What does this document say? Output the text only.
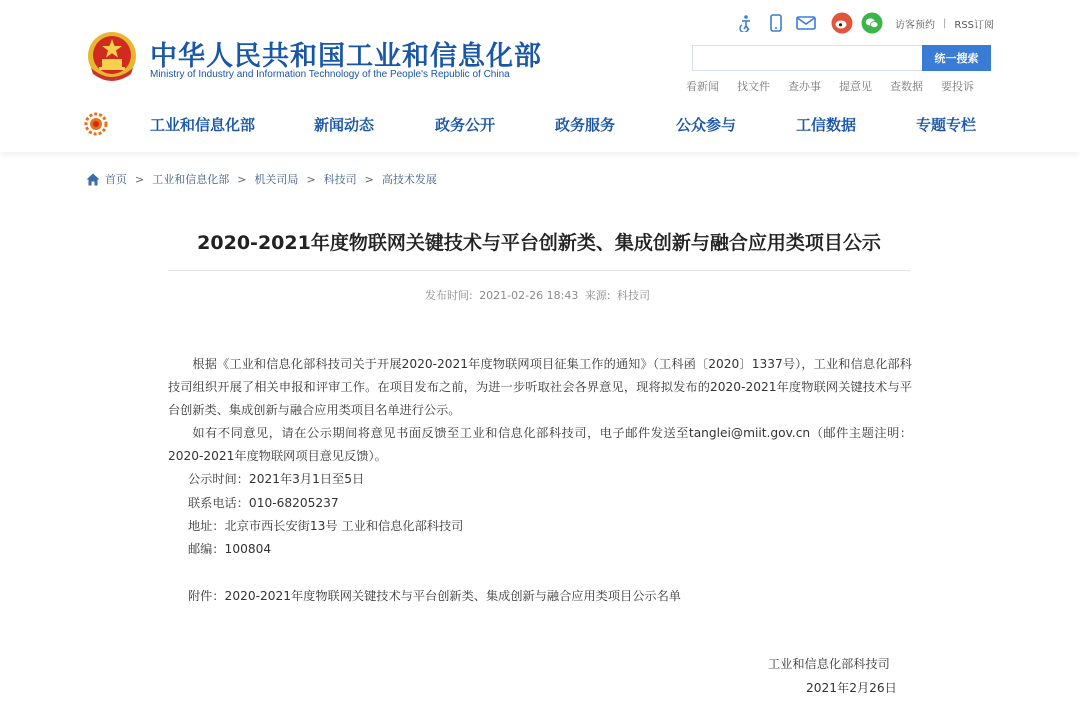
中华人民共和国工业和信息化部
Ministry of Industry and Information Technology of the People's Republic of China
访客预约 | RSS订阅
统一搜索
看新闻 找文件 查办事 提意见 查数据 要投诉
工业和信息化部	新闻动态	政务公开	政务服务	公众参与	工信数据	专题专栏
首页 > 工业和信息化部 > 机关司局 > 科技司 > 高技术发展
2020-2021年度物联网关键技术与平台创新类、集成创新与融合应用类项目公示
发布时间: 2021-02-26 18:43 来源: 科技司

根据《工业和信息化部科技司关于开展2020-2021年度物联网项目征集工作的通知》（工科函〔2020〕1337号），工业和信息化部科技司组织开展了相关申报和评审工作。在项目发布之前，为进一步听取社会各界意见，现将拟发布的2020-2021年度物联网关键技术与平台创新类、集成创新与融合应用类项目名单进行公示。

如有不同意见，请在公示期间将意见书面反馈至工业和信息化部科技司，电子邮件发送至tanglei@miit.gov.cn（邮件主题注明：2020-2021年度物联网项目意见反馈）。

公示时间：2021年3月1日至5日
联系电话：010-68205237
地址：北京市西长安街13号 工业和信息化部科技司
邮编：100804
附件：2020-2021年度物联网关键技术与平台创新类、集成创新与融合应用类项目公示名单
工业和信息化部科技司
2021年2月26日
